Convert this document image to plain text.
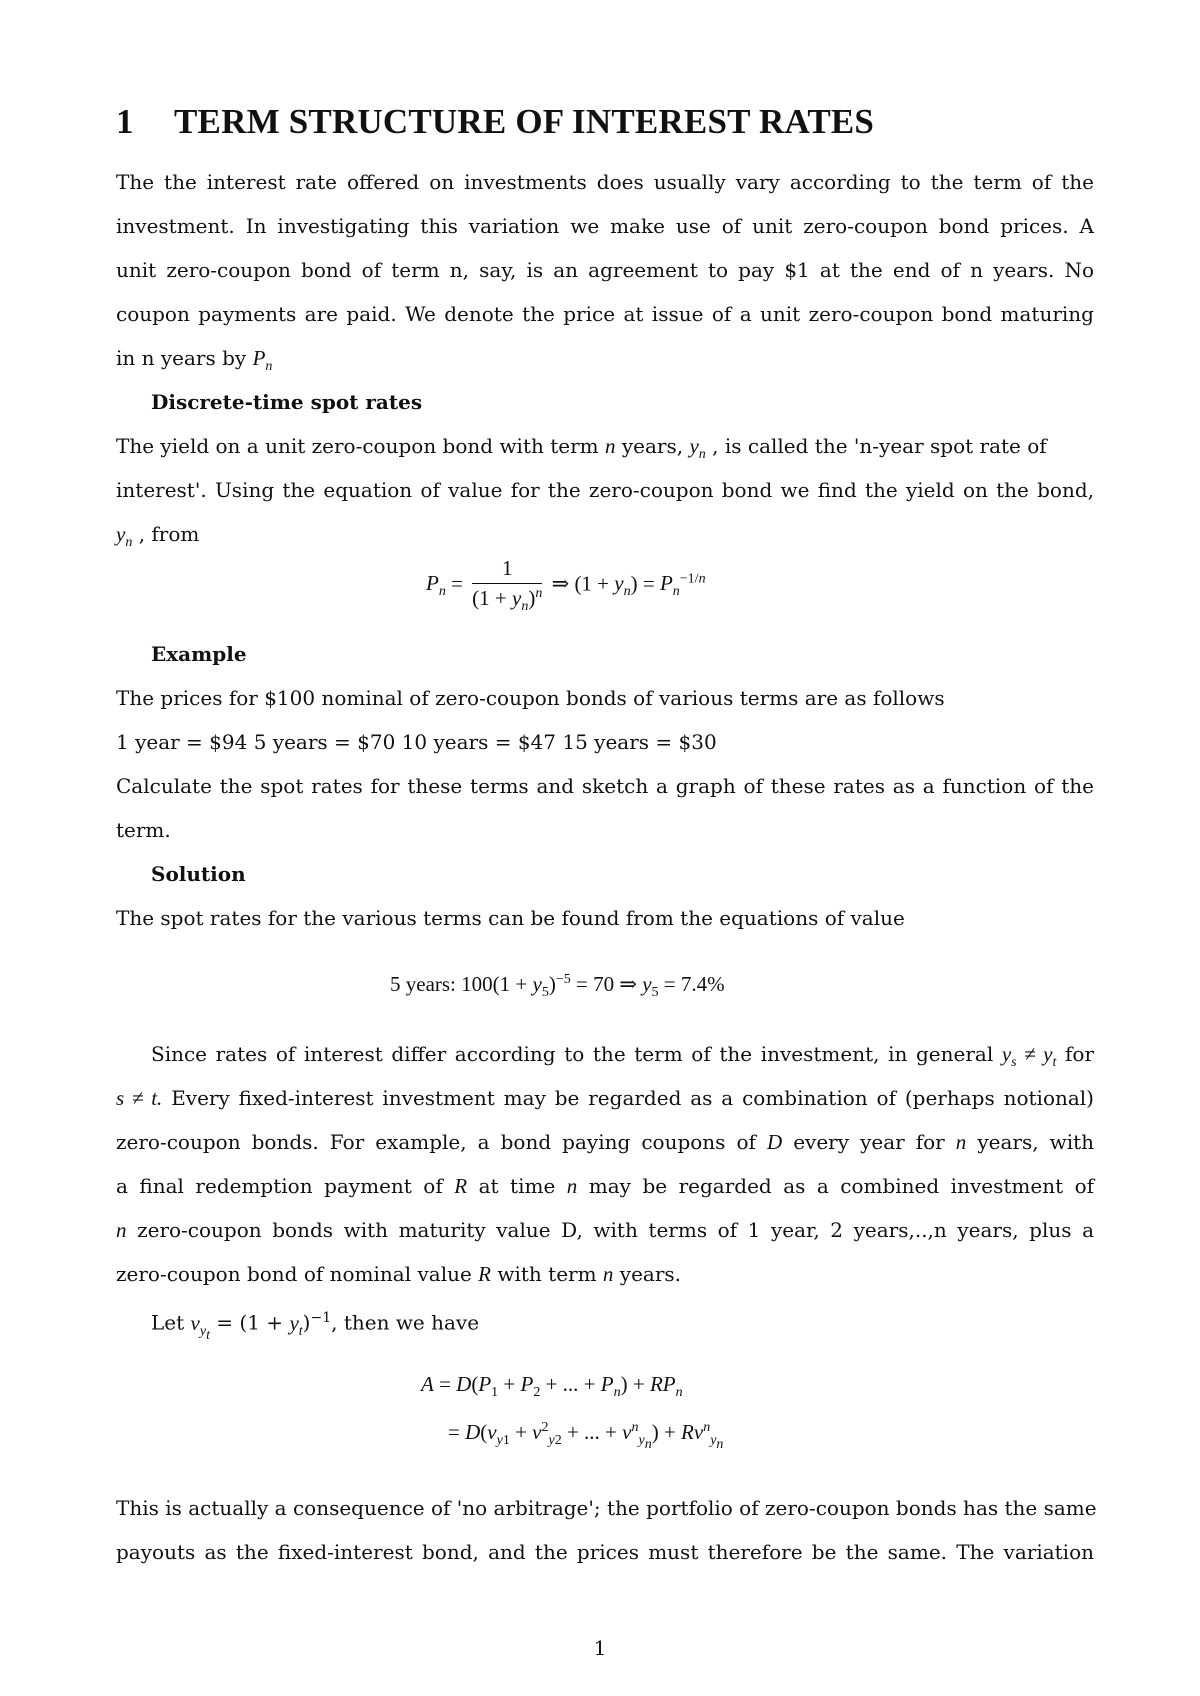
1 TERM STRUCTURE OF INTEREST RATES
The the interest rate offered on investments does usually vary according to the term of the
investment. In investigating this variation we make use of unit zero-coupon bond prices. A
unit zero-coupon bond of term n, say, is an agreement to pay $1 at the end of n years. No
coupon payments are paid. We denote the price at issue of a unit zero-coupon bond maturing
in n years by $P_n$
Discrete-time spot rates
The yield on a unit zero-coupon bond with term n years, $y_n$ , is called the 'n-year spot rate of
interest'. Using the equation of value for the zero-coupon bond we find the yield on the bond,
$y_n$ , from
$P_n = \frac{1}{(1 + y_n)^n}$ ⇒ $(1 + y_n) = P_n^{-1/n}$
Example
The prices for $100 nominal of zero-coupon bonds of various terms are as follows
1 year = $94 5 years = $70 10 years = $47 15 years = $30
Calculate the spot rates for these terms and sketch a graph of these rates as a function of the
term.
Solution
The spot rates for the various terms can be found from the equations of value
5 years: $100(1 + y_5)^{-5} = 70$ ⇒ $y_5 = 7.4\%$
Since rates of interest differ according to the term of the investment, in general $y_s \ne y_t$ for
s ≠ t. Every fixed-interest investment may be regarded as a combination of (perhaps notional)
zero-coupon bonds. For example, a bond paying coupons of D every year for n years, with
a final redemption payment of R at time n may be regarded as a combined investment of
n zero-coupon bonds with maturity value D, with terms of 1 year, 2 years,..,n years, plus a
zero-coupon bond of nominal value R with term n years.
Let $v_{y_t} = (1 + y_t)^{-1}$, then we have
$A = D(P_1 + P_2$ + ... + $P_n) + RP_n$
= $D(v_{y1} + v^2_{y2}$ + ... + $v^n_{y_n}) + Rv^n_{y_n}$
This is actually a consequence of 'no arbitrage'; the portfolio of zero-coupon bonds has the same
payouts as the fixed-interest bond, and the prices must therefore be the same. The variation
1
